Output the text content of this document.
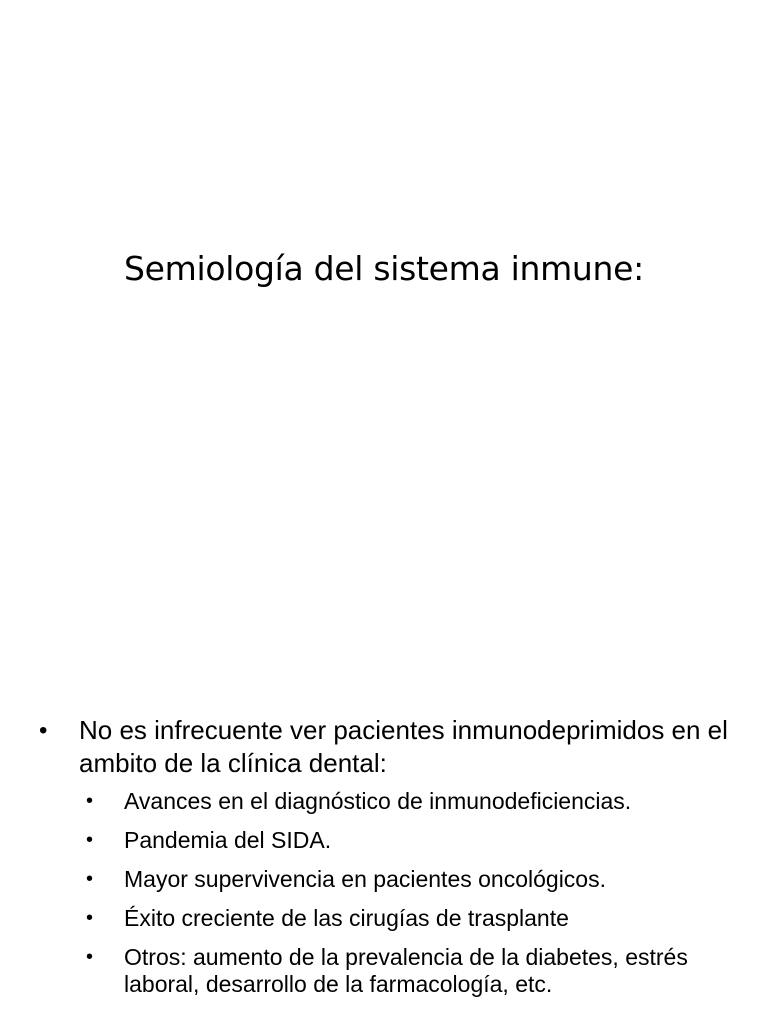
Semiología del sistema inmune:
• No es infrecuente ver pacientes inmunodeprimidos en el ambito de la clínica dental:
• Avances en el diagnóstico de inmunodeficiencias.
• Pandemia del SIDA.
• Mayor supervivencia en pacientes oncológicos.
• Éxito creciente de las cirugías de trasplante
• Otros: aumento de la prevalencia de la diabetes, estrés laboral, desarrollo de la farmacología, etc.
